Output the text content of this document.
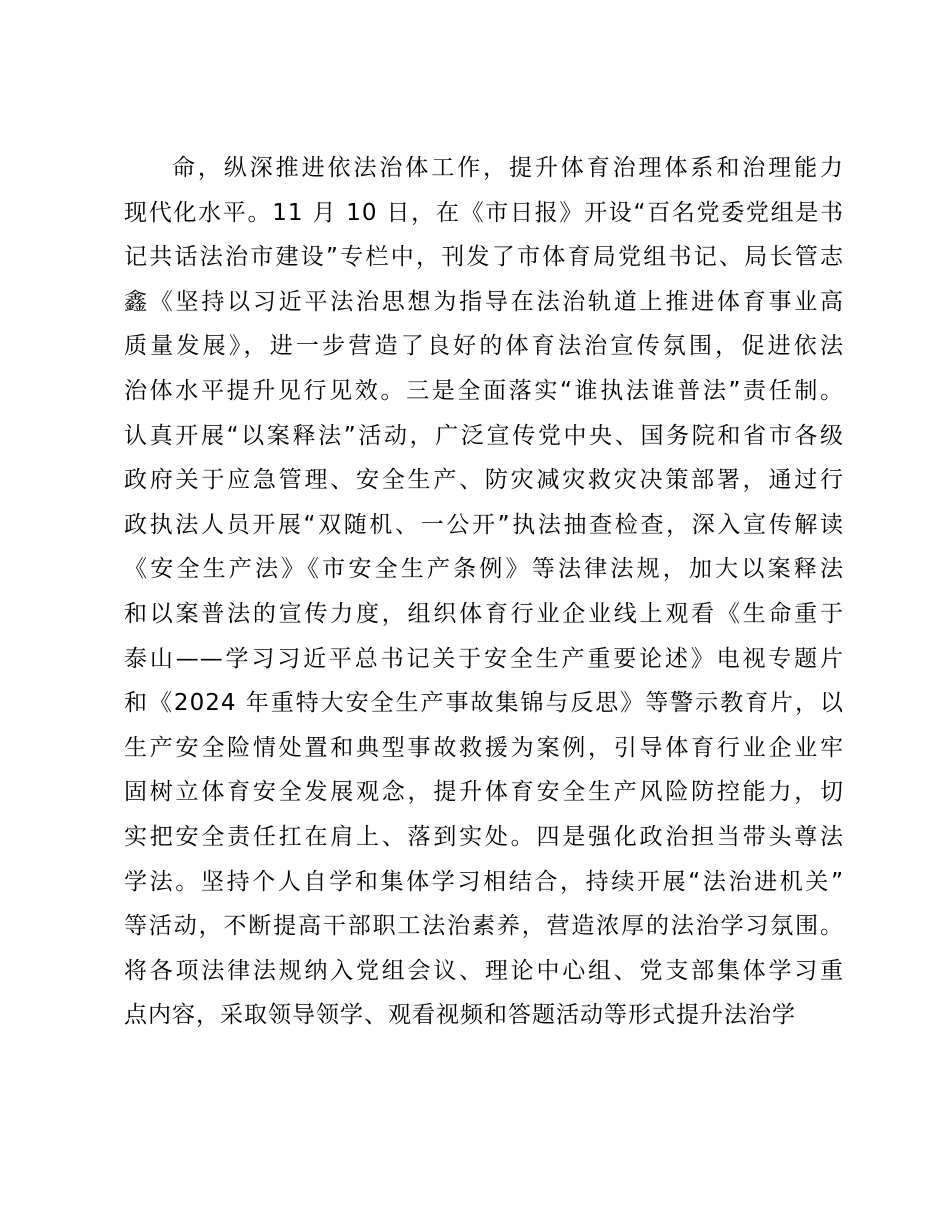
命，纵深推进依法治体工作，提升体育治理体系和治理能力
现代化水平。11 月 10 日，在《市日报》开设“百名党委党组是书
记共话法治市建设”专栏中，刊发了市体育局党组书记、局长管志
鑫《坚持以习近平法治思想为指导在法治轨道上推进体育事业高
质量发展》，进一步营造了良好的体育法治宣传氛围，促进依法
治体水平提升见行见效。三是全面落实“谁执法谁普法”责任制。
认真开展“以案释法”活动，广泛宣传党中央、国务院和省市各级
政府关于应急管理、安全生产、防灾减灾救灾决策部署，通过行
政执法人员开展“双随机、一公开”执法抽查检查，深入宣传解读
《安全生产法》《市安全生产条例》等法律法规，加大以案释法
和以案普法的宣传力度，组织体育行业企业线上观看《生命重于
泰山——学习习近平总书记关于安全生产重要论述》电视专题片
和《2024 年重特大安全生产事故集锦与反思》等警示教育片，以
生产安全险情处置和典型事故救援为案例，引导体育行业企业牢
固树立体育安全发展观念，提升体育安全生产风险防控能力，切
实把安全责任扛在肩上、落到实处。四是强化政治担当带头尊法
学法。坚持个人自学和集体学习相结合，持续开展“法治进机关”
等活动，不断提高干部职工法治素养，营造浓厚的法治学习氛围。
将各项法律法规纳入党组会议、理论中心组、党支部集体学习重
点内容，采取领导领学、观看视频和答题活动等形式提升法治学
